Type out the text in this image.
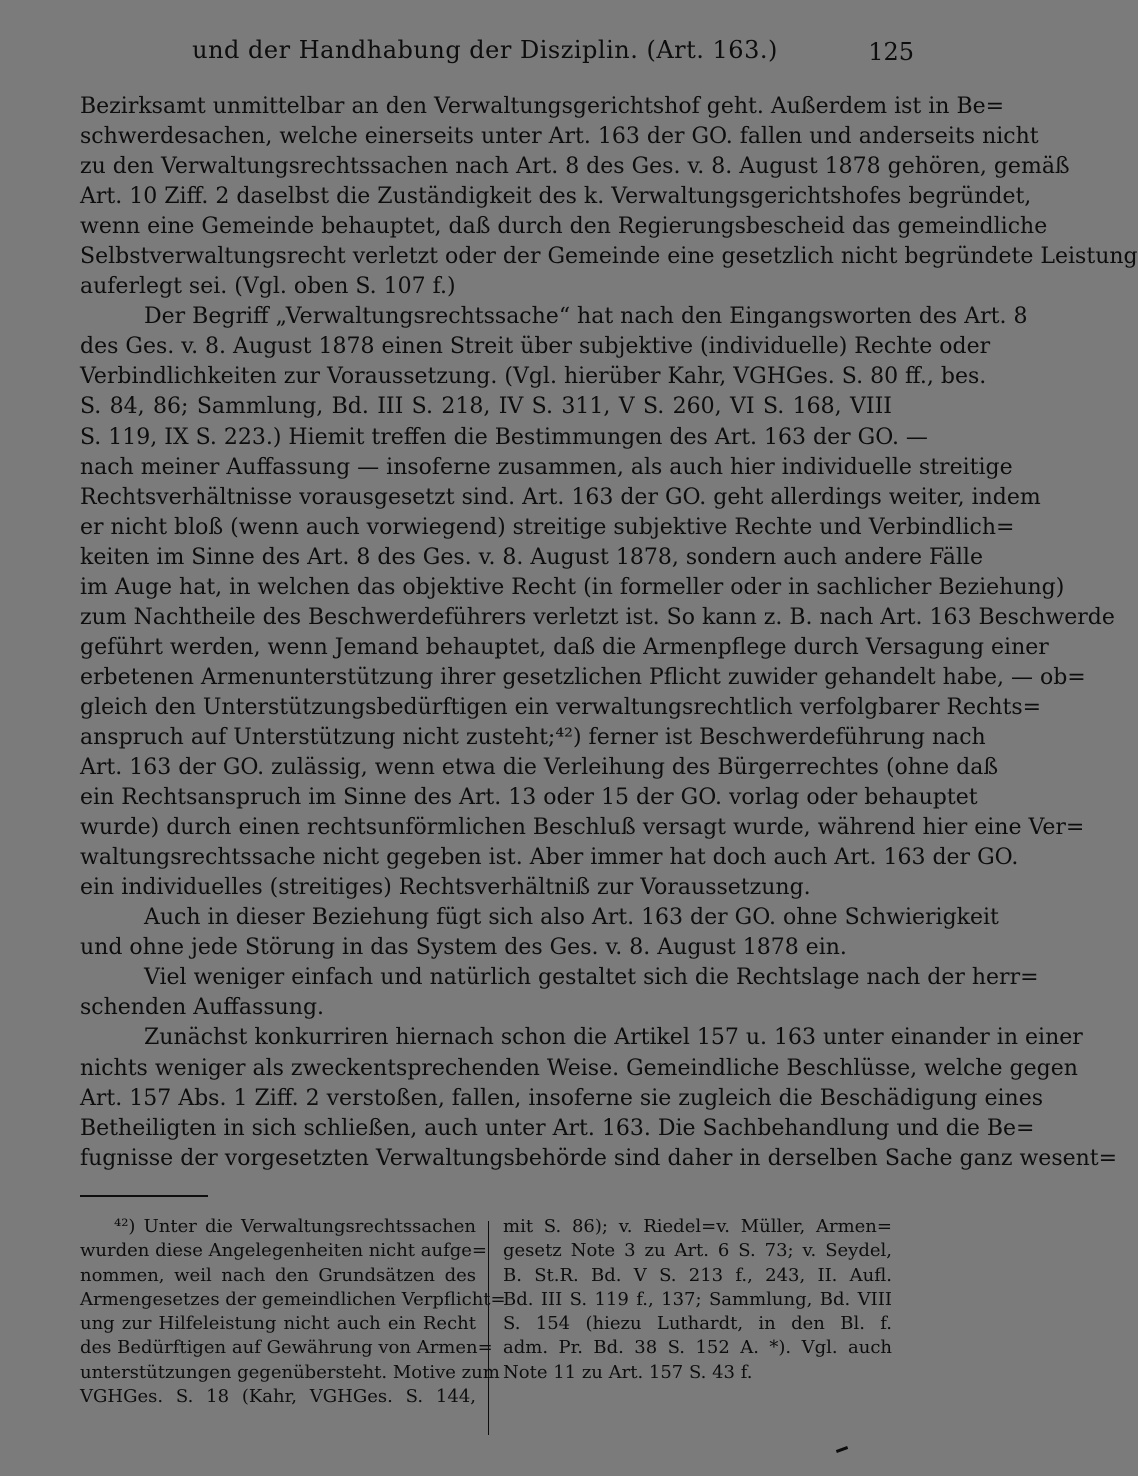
und der Handhabung der Disziplin. (Art. 163.)	125
Bezirksamt unmittelbar an den Verwaltungsgerichtshof geht. Außerdem ist in Be=
schwerdesachen, welche einerseits unter Art. 163 der GO. fallen und anderseits nicht
zu den Verwaltungsrechtssachen nach Art. 8 des Ges. v. 8. August 1878 gehören, gemäß
Art. 10 Ziff. 2 daselbst die Zuständigkeit des k. Verwaltungsgerichtshofes begründet,
wenn eine Gemeinde behauptet, daß durch den Regierungsbescheid das gemeindliche
Selbstverwaltungsrecht verletzt oder der Gemeinde eine gesetzlich nicht begründete Leistung
auferlegt sei. (Vgl. oben S. 107 f.)
Der Begriff „Verwaltungsrechtssache“ hat nach den Eingangsworten des Art. 8
des Ges. v. 8. August 1878 einen Streit über subjektive (individuelle) Rechte oder
Verbindlichkeiten zur Voraussetzung. (Vgl. hierüber Kahr, VGHGes. S. 80 ff., bes.
S. 84, 86; Sammlung, Bd. III S. 218, IV S. 311, V S. 260, VI S. 168, VIII
S. 119, IX S. 223.) Hiemit treffen die Bestimmungen des Art. 163 der GO. —
nach meiner Auffassung — insoferne zusammen, als auch hier individuelle streitige
Rechtsverhältnisse vorausgesetzt sind. Art. 163 der GO. geht allerdings weiter, indem
er nicht bloß (wenn auch vorwiegend) streitige subjektive Rechte und Verbindlich=
keiten im Sinne des Art. 8 des Ges. v. 8. August 1878, sondern auch andere Fälle
im Auge hat, in welchen das objektive Recht (in formeller oder in sachlicher Beziehung)
zum Nachtheile des Beschwerdeführers verletzt ist. So kann z. B. nach Art. 163 Beschwerde
geführt werden, wenn Jemand behauptet, daß die Armenpflege durch Versagung einer
erbetenen Armenunterstützung ihrer gesetzlichen Pflicht zuwider gehandelt habe, — ob=
gleich den Unterstützungsbedürftigen ein verwaltungsrechtlich verfolgbarer Rechts=
anspruch auf Unterstützung nicht zusteht;⁴²) ferner ist Beschwerdeführung nach
Art. 163 der GO. zulässig, wenn etwa die Verleihung des Bürgerrechtes (ohne daß
ein Rechtsanspruch im Sinne des Art. 13 oder 15 der GO. vorlag oder behauptet
wurde) durch einen rechtsunförmlichen Beschluß versagt wurde, während hier eine Ver=
waltungsrechtssache nicht gegeben ist. Aber immer hat doch auch Art. 163 der GO.
ein individuelles (streitiges) Rechtsverhältniß zur Voraussetzung.
Auch in dieser Beziehung fügt sich also Art. 163 der GO. ohne Schwierigkeit
und ohne jede Störung in das System des Ges. v. 8. August 1878 ein.
Viel weniger einfach und natürlich gestaltet sich die Rechtslage nach der herr=
schenden Auffassung.
Zunächst konkurriren hiernach schon die Artikel 157 u. 163 unter einander in einer
nichts weniger als zweckentsprechenden Weise. Gemeindliche Beschlüsse, welche gegen
Art. 157 Abs. 1 Ziff. 2 verstoßen, fallen, insoferne sie zugleich die Beschädigung eines
Betheiligten in sich schließen, auch unter Art. 163. Die Sachbehandlung und die Be=
fugnisse der vorgesetzten Verwaltungsbehörde sind daher in derselben Sache ganz wesent=
⁴²) Unter die Verwaltungsrechtssachen
wurden diese Angelegenheiten nicht aufge=
nommen, weil nach den Grundsätzen des
Armengesetzes der gemeindlichen Verpflicht=
ung zur Hilfeleistung nicht auch ein Recht
des Bedürftigen auf Gewährung von Armen=
unterstützungen gegenübersteht. Motive zum
VGHGes. S. 18 (Kahr, VGHGes. S. 144,
mit S. 86); v. Riedel=v. Müller, Armen=
gesetz Note 3 zu Art. 6 S. 73; v. Seydel,
B. St.R. Bd. V S. 213 f., 243, II. Aufl.
Bd. III S. 119 f., 137; Sammlung, Bd. VIII
S. 154 (hiezu Luthardt, in den Bl. f.
adm. Pr. Bd. 38 S. 152 A. *). Vgl. auch
Note 11 zu Art. 157 S. 43 f.
